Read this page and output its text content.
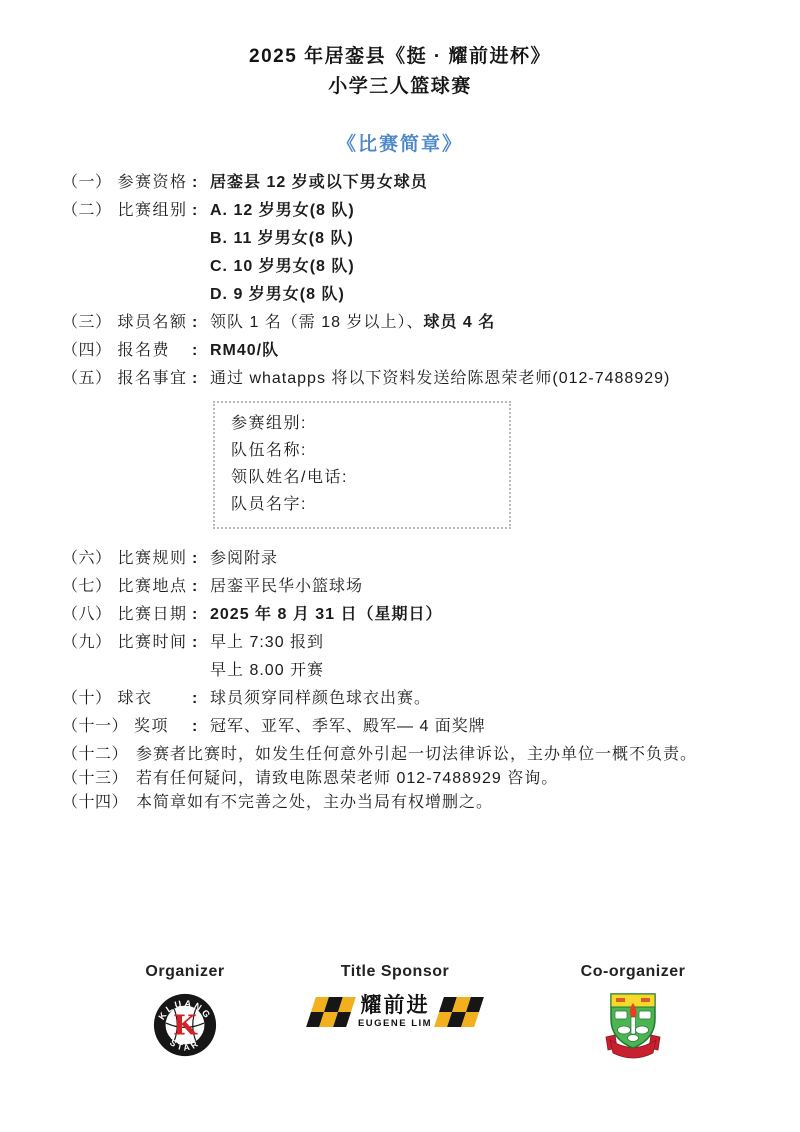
2025 年居銮县《挺 · 耀前进杯》
小学三人篮球赛
《比赛简章》
（一） 参赛资格 : 居銮县 12 岁或以下男女球员
（二） 比赛组别 : A. 12 岁男女(8 队)
B. 11 岁男女(8 队)
C. 10 岁男女(8 队)
D. 9 岁男女(8 队)
（三） 球员名额 : 领队 1 名（需 18 岁以上）、球员 4 名
（四） 报名费 : RM40/队
（五） 报名事宜 : 通过 whatapps 将以下资料发送给陈恩荣老师(012-7488929)
参赛组别:
队伍名称:
领队姓名/电话:
队员名字:
（六） 比赛规则 : 参阅附录
（七） 比赛地点 : 居銮平民华小篮球场
（八） 比赛日期 : 2025 年 8 月 31 日（星期日）
（九） 比赛时间 : 早上 7:30 报到
早上 8.00 开赛
（十） 球衣 : 球员须穿同样颜色球衣出赛。
（十一） 奖项 : 冠军、亚军、季军、殿军— 4 面奖牌
（十二） 参赛者比赛时，如发生任何意外引起一切法律诉讼，主办单位一概不负责。
（十三） 若有任何疑问，请致电陈恩荣老师 012-7488929 咨询。
（十四） 本简章如有不完善之处，主办当局有权增删之。
Organizer
KLUANG
STAR
K
Title Sponsor
耀前进
EUGENE LIM
Co-organizer
